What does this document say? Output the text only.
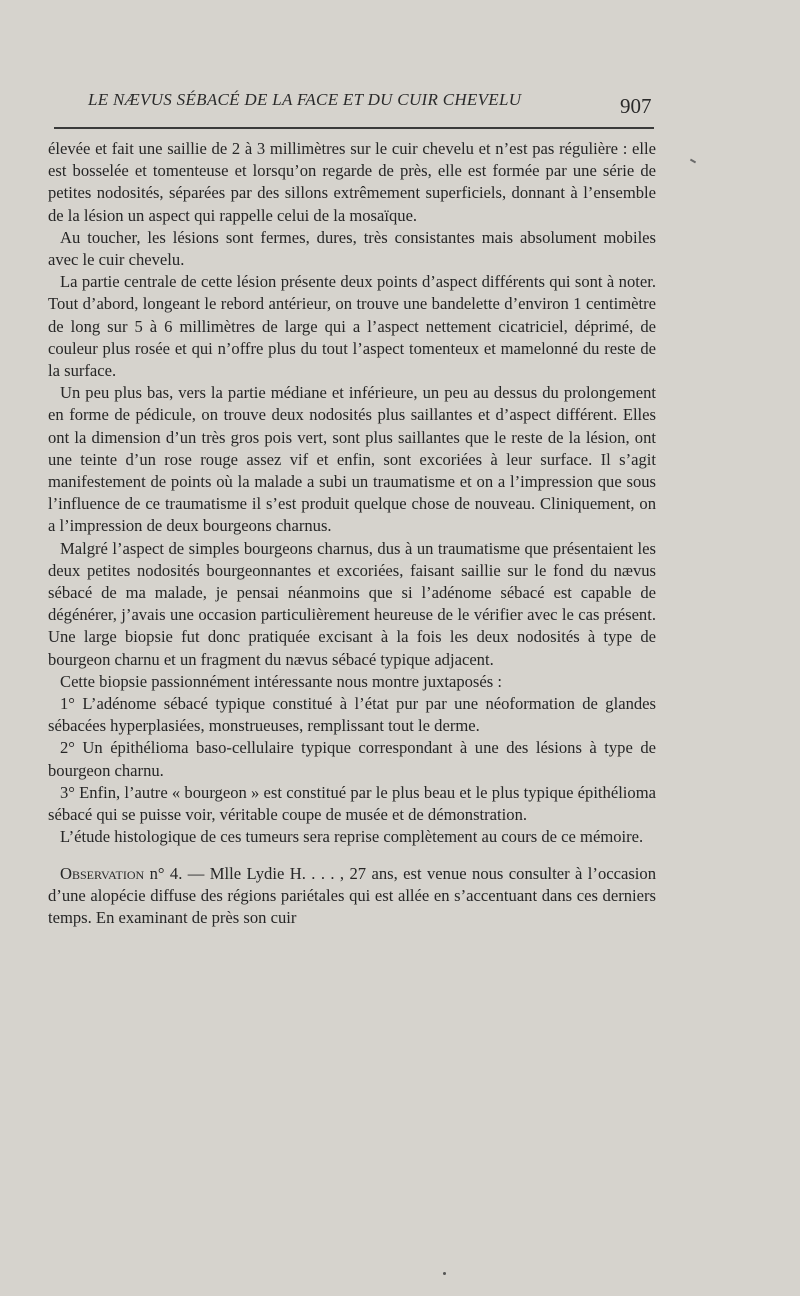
LE NÆVUS SÉBACÉ DE LA FACE ET DU CUIR CHEVELU	907

élevée et fait une saillie de 2 à 3 millimètres sur le cuir chevelu et n’est pas régulière : elle est bosselée et tomenteuse et lorsqu’on regarde de près, elle est formée par une série de petites nodosités, séparées par des sillons extrêmement superficiels, donnant à l’ensemble de la lésion un aspect qui rappelle celui de la mosaïque.

Au toucher, les lésions sont fermes, dures, très consistantes mais absolument mobiles avec le cuir chevelu.

La partie centrale de cette lésion présente deux points d’aspect différents qui sont à noter. Tout d’abord, longeant le rebord antérieur, on trouve une bandelette d’environ 1 centimètre de long sur 5 à 6 millimètres de large qui a l’aspect nettement cicatriciel, déprimé, de couleur plus rosée et qui n’offre plus du tout l’aspect tomenteux et mamelonné du reste de la surface.

Un peu plus bas, vers la partie médiane et inférieure, un peu au dessus du prolongement en forme de pédicule, on trouve deux nodosités plus saillantes et d’aspect différent. Elles ont la dimension d’un très gros pois vert, sont plus saillantes que le reste de la lésion, ont une teinte d’un rose rouge assez vif et enfin, sont excoriées à leur surface. Il s’agit manifestement de points où la malade a subi un traumatisme et on a l’impression que sous l’influence de ce traumatisme il s’est produit quelque chose de nouveau. Cliniquement, on a l’impression de deux bourgeons charnus.

Malgré l’aspect de simples bourgeons charnus, dus à un traumatisme que présentaient les deux petites nodosités bourgeonnantes et excoriées, faisant saillie sur le fond du nævus sébacé de ma malade, je pensai néanmoins que si l’adénome sébacé est capable de dégénérer, j’avais une occasion particulièrement heureuse de le vérifier avec le cas présent. Une large biopsie fut donc pratiquée excisant à la fois les deux nodosités à type de bourgeon charnu et un fragment du nævus sébacé typique adjacent.

Cette biopsie passionnément intéressante nous montre juxtaposés :

1° L’adénome sébacé typique constitué à l’état pur par une néoformation de glandes sébacées hyperplasiées, monstrueuses, remplissant tout le derme.

2° Un épithélioma baso-cellulaire typique correspondant à une des lésions à type de bourgeon charnu.

3° Enfin, l’autre « bourgeon » est constitué par le plus beau et le plus typique épithélioma sébacé qui se puisse voir, véritable coupe de musée et de démonstration.

L’étude histologique de ces tumeurs sera reprise complètement au cours de ce mémoire.

Observation n° 4. — Mlle Lydie H. . . . , 27 ans, est venue nous consulter à l’occasion d’une alopécie diffuse des régions pariétales qui est allée en s’accentuant dans ces derniers temps. En examinant de près son cuir
